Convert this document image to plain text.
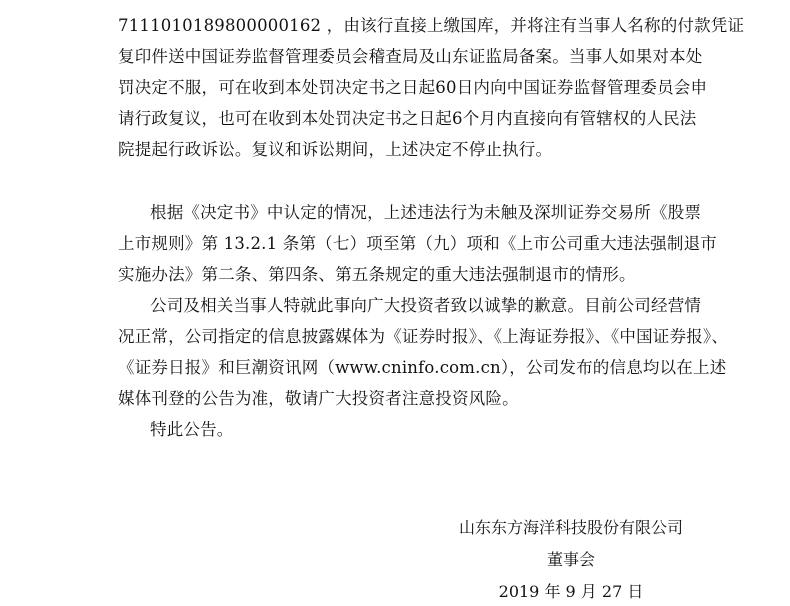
7111010189800000162 ，由该行直接上缴国库，并将注有当事人名称的付款凭证
复印件送中国证券监督管理委员会稽查局及山东证监局备案。当事人如果对本处
罚决定不服，可在收到本处罚决定书之日起60日内向中国证券监督管理委员会申
请行政复议，也可在收到本处罚决定书之日起6个月内直接向有管辖权的人民法
院提起行政诉讼。复议和诉讼期间，上述决定不停止执行。
根据《决定书》中认定的情况，上述违法行为未触及深圳证券交易所《股票
上市规则》第 13.2.1 条第（七）项至第（九）项和《上市公司重大违法强制退市
实施办法》第二条、第四条、第五条规定的重大违法强制退市的情形。
公司及相关当事人特就此事向广大投资者致以诚挚的歉意。目前公司经营情
况正常，公司指定的信息披露媒体为《证券时报》、《上海证券报》、《中国证券报》、
《证券日报》和巨潮资讯网（www.cninfo.com.cn），公司发布的信息均以在上述
媒体刊登的公告为准，敬请广大投资者注意投资风险。
特此公告。
山东东方海洋科技股份有限公司
董事会
2019 年 9 月 27 日
